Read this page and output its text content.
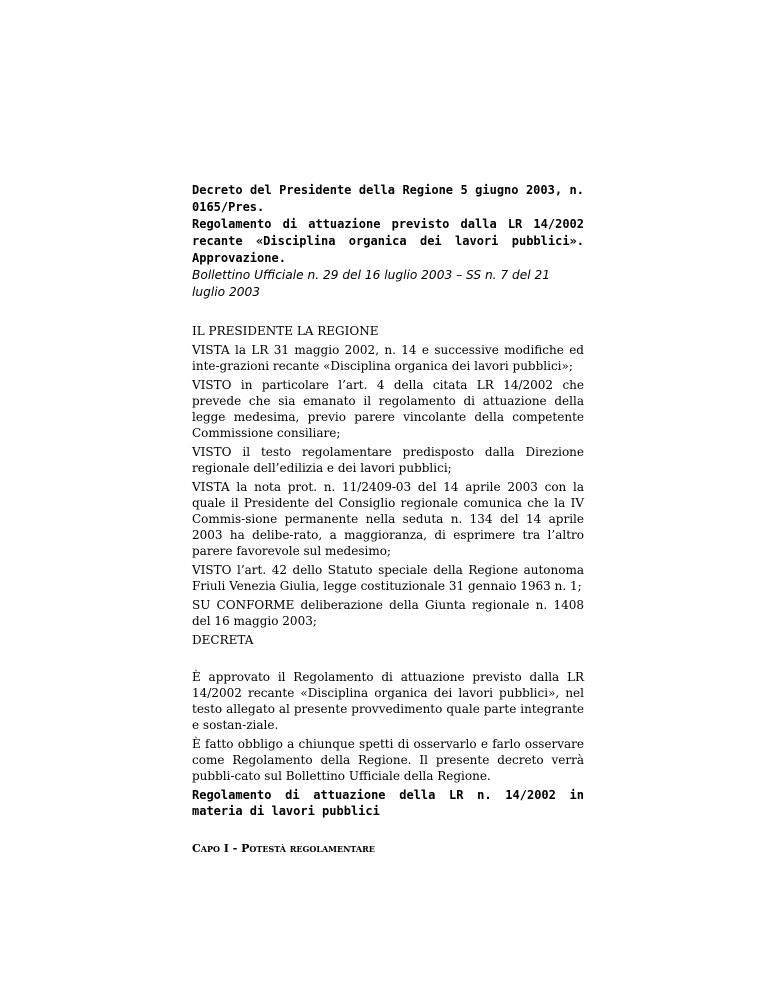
Decreto del Presidente della Regione 5 giugno 2003, n. 0165/Pres.

Regolamento di attuazione previsto dalla LR 14/2002 recante «Disciplina organica dei lavori pubblici». Approvazione.

Bollettino Ufficiale n. 29 del 16 luglio 2003 – SS n. 7 del 21 luglio 2003

IL PRESIDENTE LA REGIONE

VISTA la LR 31 maggio 2002, n. 14 e successive modifiche ed inte-grazioni recante «Disciplina organica dei lavori pubblici»;

VISTO in particolare l’art. 4 della citata LR 14/2002 che prevede che sia emanato il regolamento di attuazione della legge medesima, previo parere vincolante della competente Commissione consiliare;

VISTO il testo regolamentare predisposto dalla Direzione regionale dell’edilizia e dei lavori pubblici;

VISTA la nota prot. n. 11/2409-03 del 14 aprile 2003 con la quale il Presidente del Consiglio regionale comunica che la IV Commis-sione permanente nella seduta n. 134 del 14 aprile 2003 ha delibe-rato, a maggioranza, di esprimere tra l’altro parere favorevole sul medesimo;

VISTO l’art. 42 dello Statuto speciale della Regione autonoma Friuli Venezia Giulia, legge costituzionale 31 gennaio 1963 n. 1;

SU CONFORME deliberazione della Giunta regionale n. 1408 del 16 maggio 2003;

DECRETA

È approvato il Regolamento di attuazione previsto dalla LR 14/2002 recante «Disciplina organica dei lavori pubblici», nel testo allegato al presente provvedimento quale parte integrante e sostan-ziale.

È fatto obbligo a chiunque spetti di osservarlo e farlo osservare come Regolamento della Regione. Il presente decreto verrà pubbli-cato sul Bollettino Ufficiale della Regione.

Regolamento di attuazione della LR n. 14/2002 in materia di lavori pubblici

Capo I - Potestà regolamentare
